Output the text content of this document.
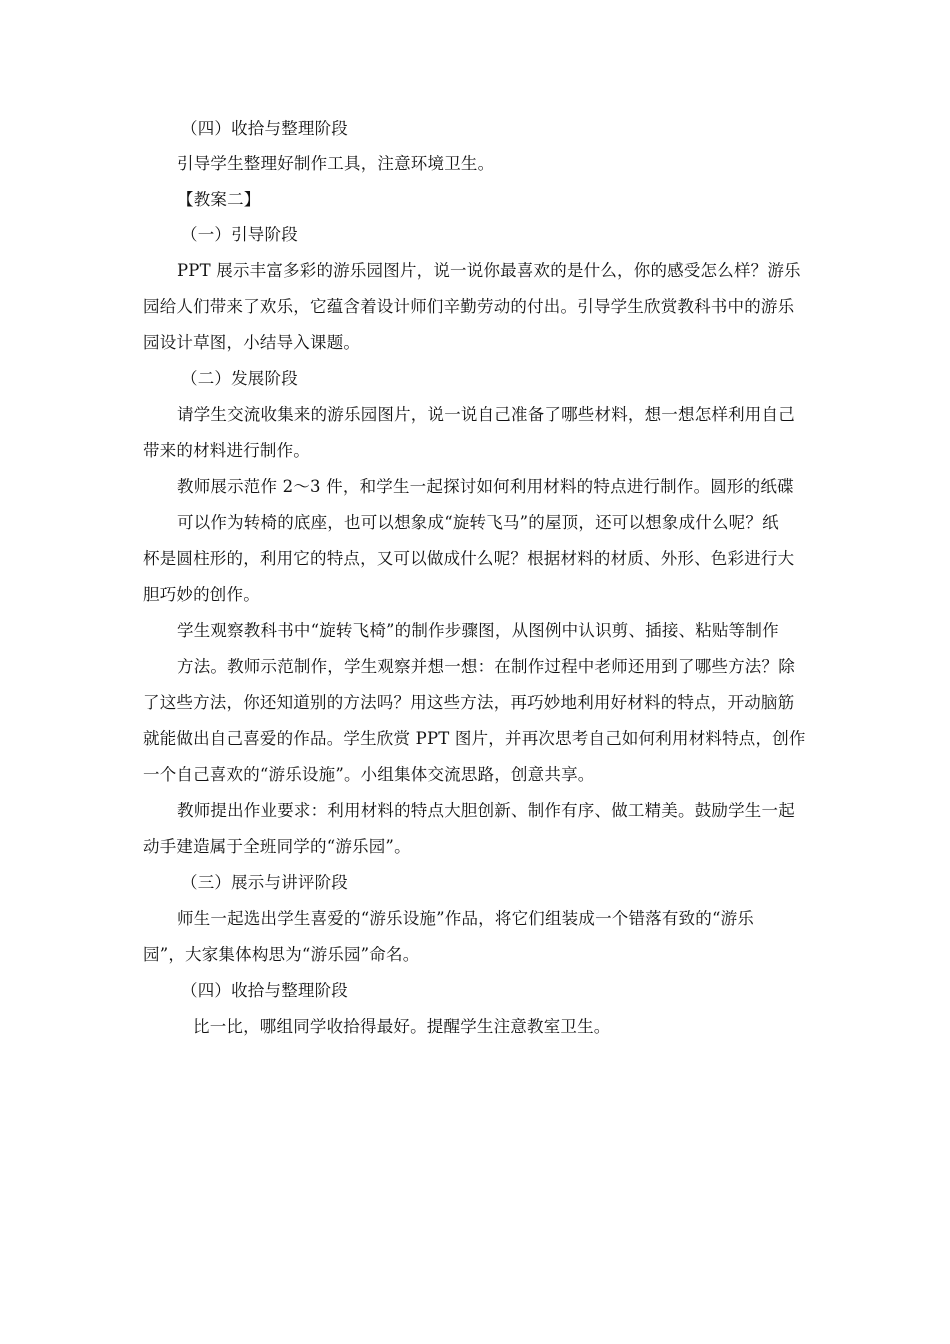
（四）收拾与整理阶段
引导学生整理好制作工具，注意环境卫生。
【教案二】
（一）引导阶段
PPT 展示丰富多彩的游乐园图片，说一说你最喜欢的是什么，你的感受怎么样？游乐
园给人们带来了欢乐，它蕴含着设计师们辛勤劳动的付出。引导学生欣赏教科书中的游乐
园设计草图，小结导入课题。
（二）发展阶段
请学生交流收集来的游乐园图片，说一说自己准备了哪些材料，想一想怎样利用自己
带来的材料进行制作。
教师展示范作 2～3 件，和学生一起探讨如何利用材料的特点进行制作。圆形的纸碟
可以作为转椅的底座，也可以想象成“旋转飞马”的屋顶，还可以想象成什么呢？纸
杯是圆柱形的，利用它的特点，又可以做成什么呢？根据材料的材质、外形、色彩进行大
胆巧妙的创作。
学生观察教科书中“旋转飞椅”的制作步骤图，从图例中认识剪、插接、粘贴等制作
方法。教师示范制作，学生观察并想一想：在制作过程中老师还用到了哪些方法？除
了这些方法，你还知道别的方法吗？用这些方法，再巧妙地利用好材料的特点，开动脑筋
就能做出自己喜爱的作品。学生欣赏 PPT 图片，并再次思考自己如何利用材料特点，创作
一个自己喜欢的“游乐设施”。小组集体交流思路，创意共享。
教师提出作业要求：利用材料的特点大胆创新、制作有序、做工精美。鼓励学生一起
动手建造属于全班同学的“游乐园”。
（三）展示与讲评阶段
师生一起选出学生喜爱的“游乐设施”作品，将它们组装成一个错落有致的“游乐
园”，大家集体构思为“游乐园”命名。
（四）收拾与整理阶段
比一比，哪组同学收拾得最好。提醒学生注意教室卫生。
